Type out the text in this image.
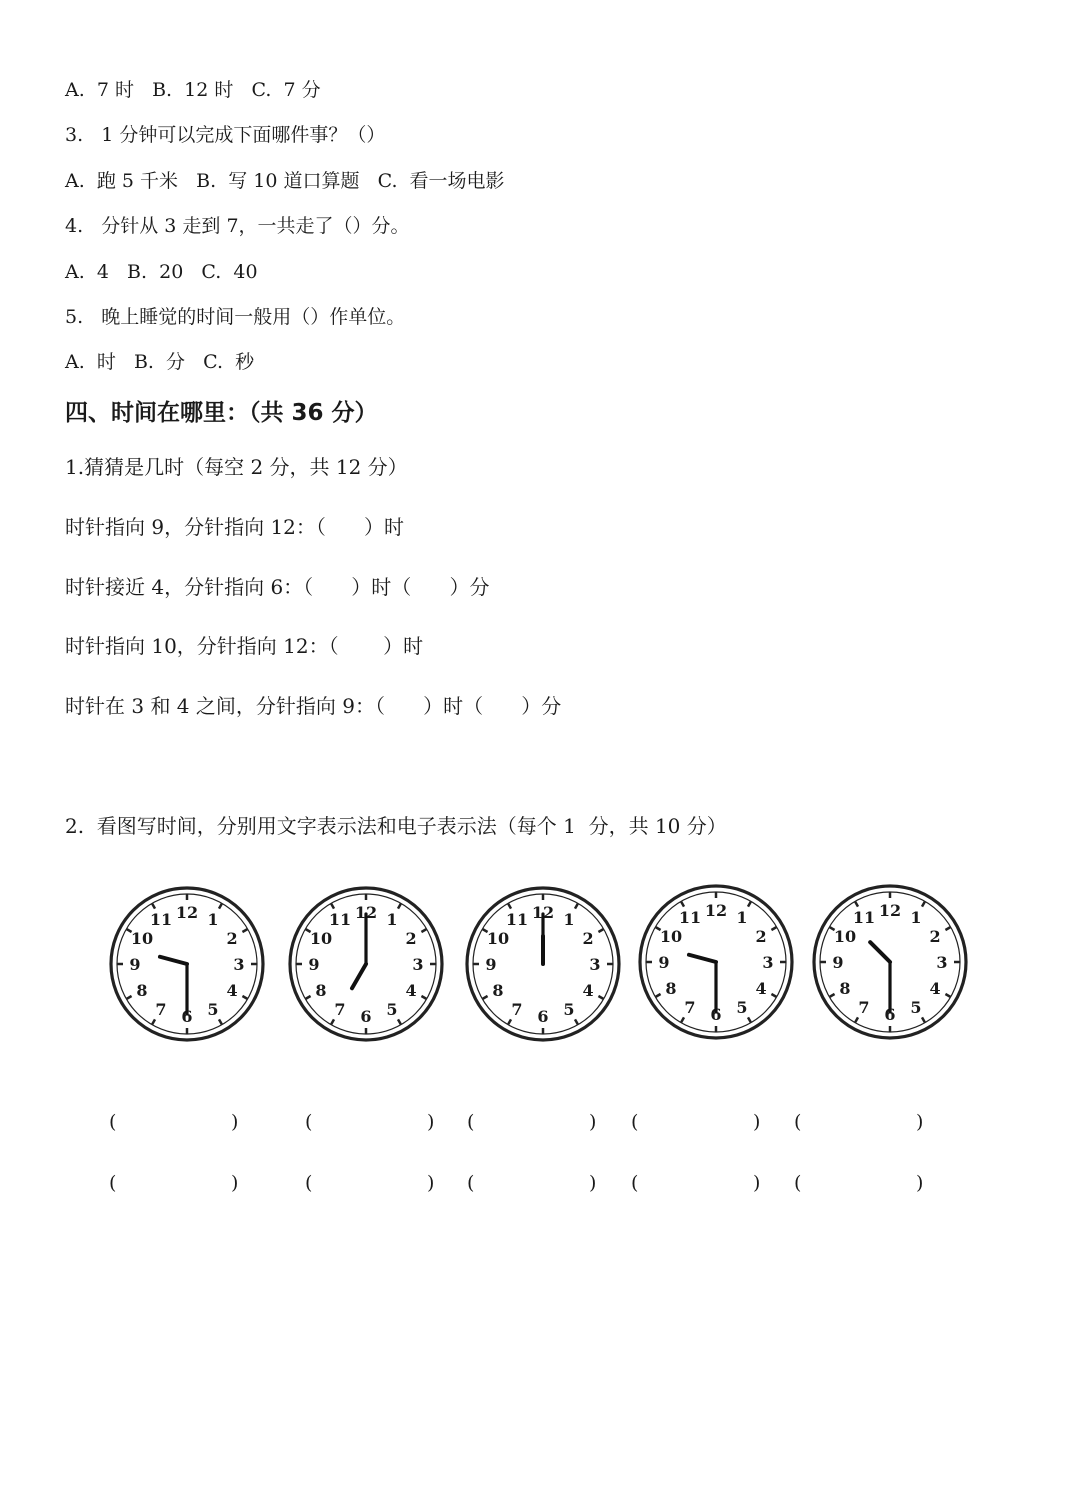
A.  7 时   B.  12 时   C.  7 分
3.   1 分钟可以完成下面哪件事？（）
A.  跑 5 千米   B.  写 10 道口算题   C.  看一场电影
4.   分针从 3 走到 7，一共走了（）分。
A.  4   B.  20   C.  40
5.   晚上睡觉的时间一般用（）作单位。
A.  时   B.  分   C.  秒
四、时间在哪里：（共 36 分）
1.猜猜是几时（每空 2 分，共 12 分）
时针指向 9，分针指向 12：（      ）时
时针接近 4，分针指向 6：（      ）时（      ）分
时针指向 10，分针指向 12：（       ）时
时针在 3 和 4 之间，分针指向 9：（      ）时（      ）分
2.  看图写时间，分别用文字表示法和电子表示法（每个 1  分，共 10 分）
12 1
2
3
4
5
6
7
8
9
10
11	12 1
2
3
4
5
6
7
8
9
10
11	12 1
2
3
4
5
6
7
8
9
10
11	12 1
2
3
4
5
6
7
8
9
10
11	12 1
2
3
4
5
6
7
8
9
10
11
(	)	(	) (	) (	) (	)
(	)	(	) (	) (	) (	)
